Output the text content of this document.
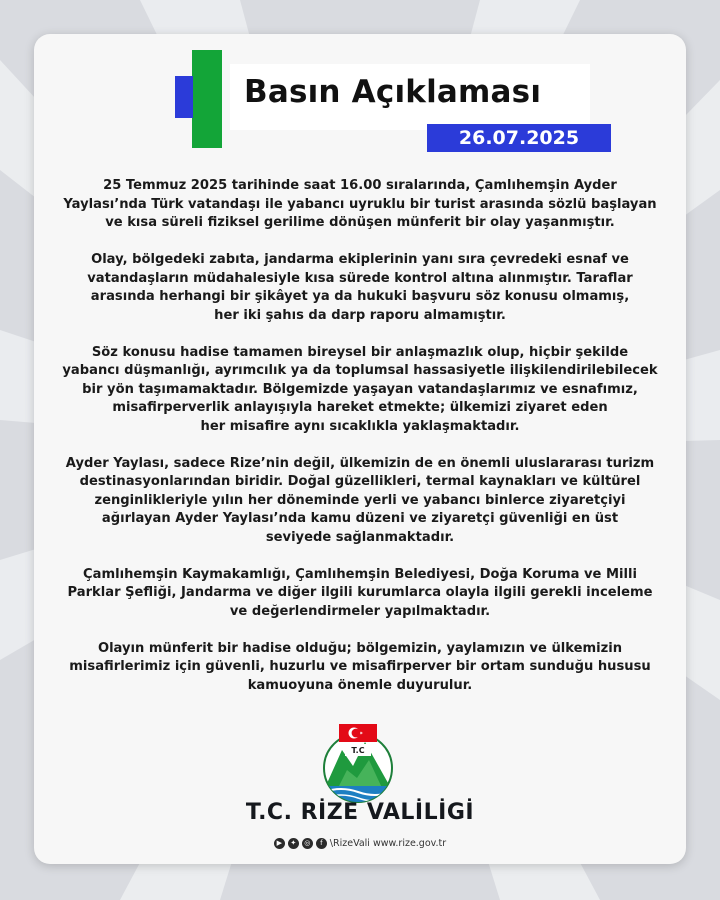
Basın Açıklaması
26.07.2025

25 Temmuz 2025 tarihinde saat 16.00 sıralarında, Çamlıhemşin Ayder
Yaylası’nda Türk vatandaşı ile yabancı uyruklu bir turist arasında sözlü başlayan
ve kısa süreli fiziksel gerilime dönüşen münferit bir olay yaşanmıştır.

Olay, bölgedeki zabıta, jandarma ekiplerinin yanı sıra çevredeki esnaf ve
vatandaşların müdahalesiyle kısa sürede kontrol altına alınmıştır. Taraflar
arasında herhangi bir şikâyet ya da hukuki başvuru söz konusu olmamış,
her iki şahıs da darp raporu almamıştır.

Söz konusu hadise tamamen bireysel bir anlaşmazlık olup, hiçbir şekilde
yabancı düşmanlığı, ayrımcılık ya da toplumsal hassasiyetle ilişkilendirilebilecek
bir yön taşımamaktadır. Bölgemizde yaşayan vatandaşlarımız ve esnafımız,
misafirperverlik anlayışıyla hareket etmekte; ülkemizi ziyaret eden
her misafire aynı sıcaklıkla yaklaşmaktadır.

Ayder Yaylası, sadece Rize’nin değil, ülkemizin de en önemli uluslararası turizm
destinasyonlarından biridir. Doğal güzellikleri, termal kaynakları ve kültürel
zenginlikleriyle yılın her döneminde yerli ve yabancı binlerce ziyaretçiyi
ağırlayan Ayder Yaylası’nda kamu düzeni ve ziyaretçi güvenliği en üst
seviyede sağlanmaktadır.

Çamlıhemşin Kaymakamlığı, Çamlıhemşin Belediyesi, Doğa Koruma ve Milli
Parklar Şefliği, Jandarma ve diğer ilgili kurumlarca olayla ilgili gerekli inceleme
ve değerlendirmeler yapılmaktadır.

Olayın münferit bir hadise olduğu; bölgemizin, yaylamızın ve ülkemizin
misafirlerimiz için güvenli, huzurlu ve misafirperver bir ortam sunduğu hususu
kamuoyuna önemle duyurulur.

T.C
T.C. RİZE VALİLİGİ
▶	✦	◎	f \RizeVali www.rize.gov.tr
